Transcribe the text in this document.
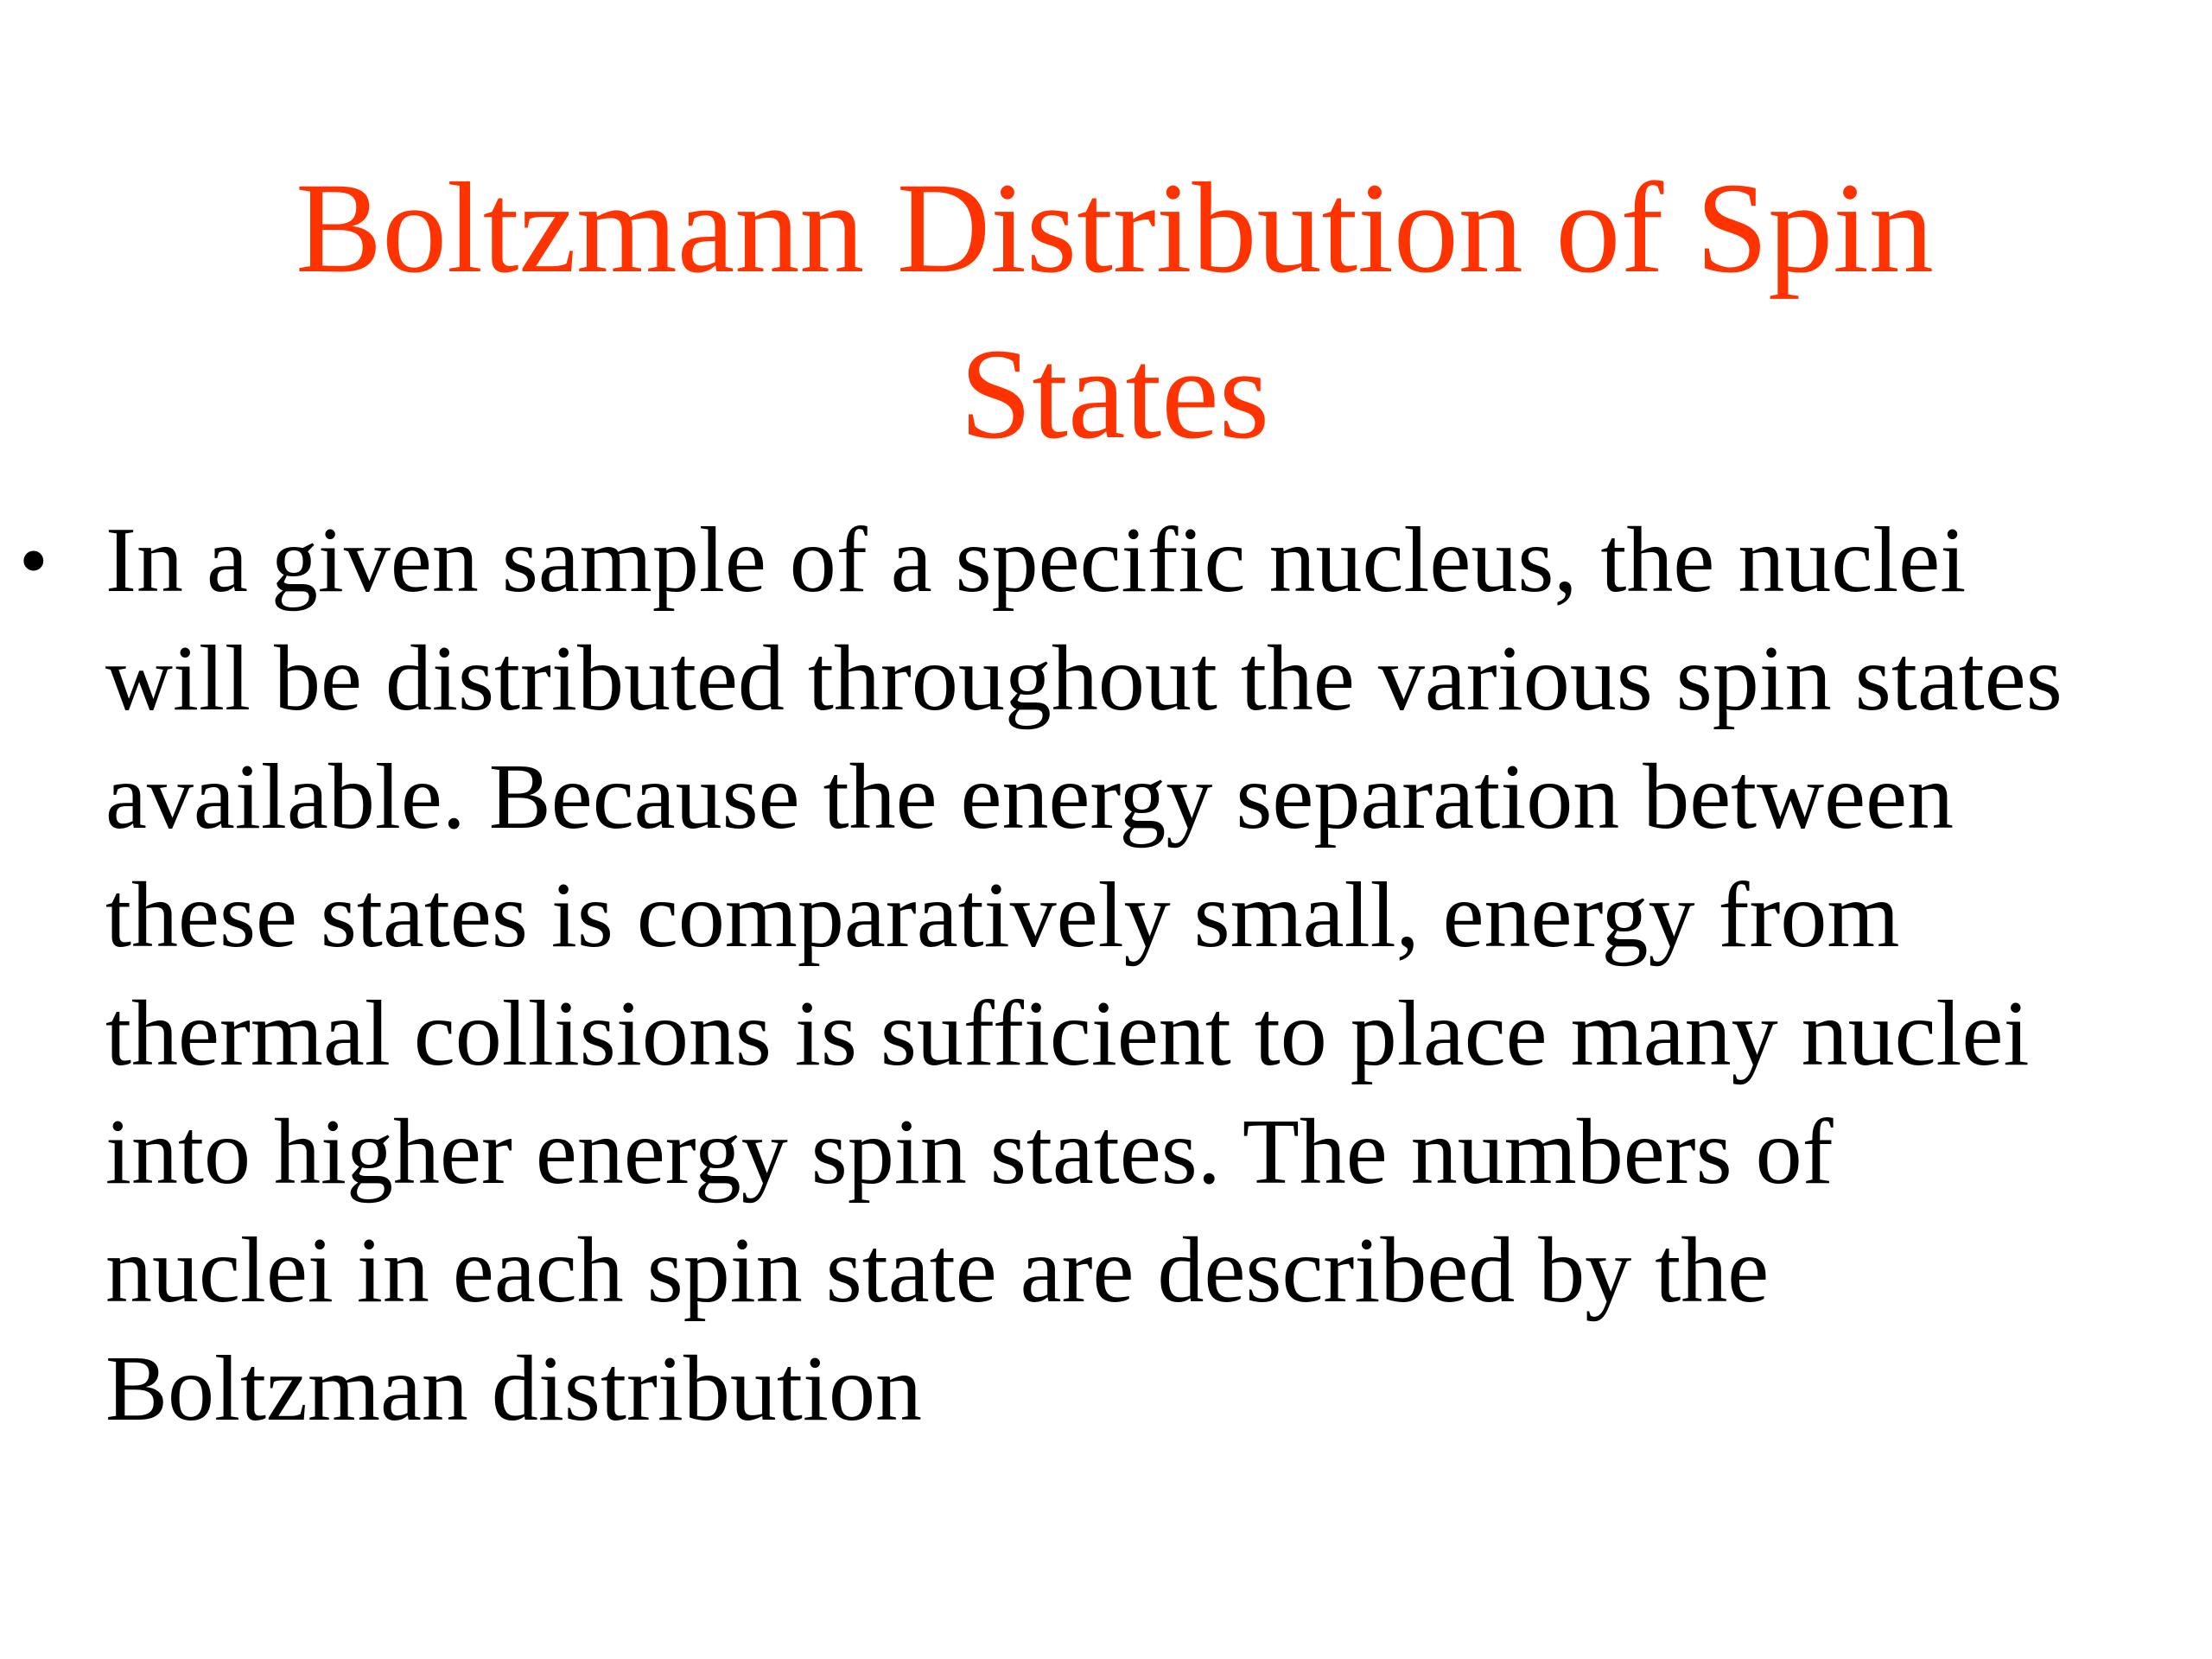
Boltzmann Distribution of Spin States
• In a given sample of a specific nucleus, the nuclei
will be distributed throughout the various spin states
available. Because the energy separation between
these states is comparatively small, energy from
thermal collisions is sufficient to place many nuclei
into higher energy spin states. The numbers of
nuclei in each spin state are described by the
Boltzman distribution
